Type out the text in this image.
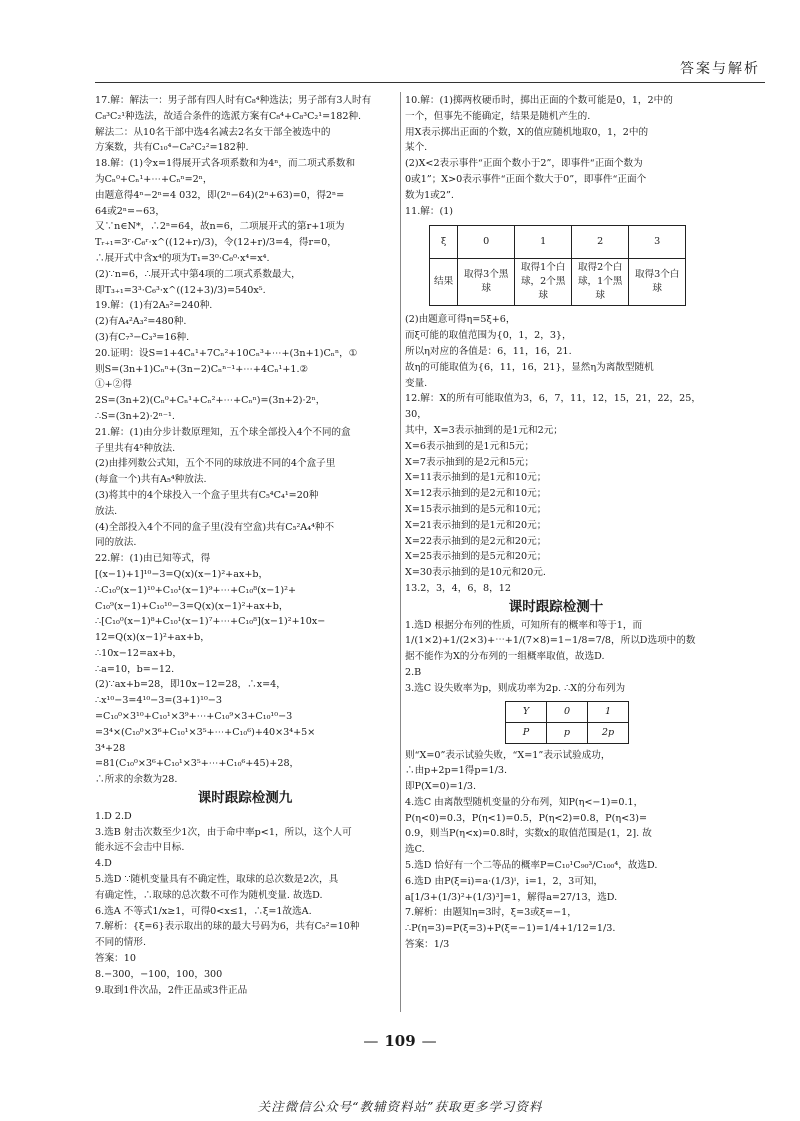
答案与解析
17.解：解法一：男子部有四人时有C₈⁴种选法；男子部有3人时有
C₈³C₂¹种选法，故适合条件的选派方案有C₈⁴+C₈³C₂¹=182种.
解法二：从10名干部中选4名减去2名女干部全被选中的
方案数，共有C₁₀⁴−C₈²C₂²=182种.
18.解：(1)令x=1得展开式各项系数和为4ⁿ，而二项式系数和
为Cₙ⁰+Cₙ¹+⋯+Cₙⁿ=2ⁿ，
由题意得4ⁿ−2ⁿ=4 032，即(2ⁿ−64)(2ⁿ+63)=0，得2ⁿ=
64或2ⁿ=−63，
又∵n∈N*，∴2ⁿ=64，故n=6，二项展开式的第r+1项为
Tᵣ₊₁=3ʳ·C₆ʳ·x^((12+r)/3)，令(12+r)/3=4，得r=0，
∴展开式中含x⁴的项为T₁=3⁰·C₆⁰·x⁴=x⁴.
(2)∵n=6，∴展开式中第4项的二项式系数最大，
即T₃₊₁=3³·C₆³·x^((12+3)/3)=540x⁵.
19.解：(1)有2A₅²=240种.
(2)有A₄²A₃²=480种.
(3)有C₇³−C₃³=16种.
20.证明：设S=1+4Cₙ¹+7Cₙ²+10Cₙ³+⋯+(3n+1)Cₙⁿ，①
则S=(3n+1)Cₙⁿ+(3n−2)Cₙⁿ⁻¹+⋯+4Cₙ¹+1.②
①+②得
2S=(3n+2)(Cₙ⁰+Cₙ¹+Cₙ²+⋯+Cₙⁿ)=(3n+2)·2ⁿ，
∴S=(3n+2)·2ⁿ⁻¹.
21.解：(1)由分步计数原理知，五个球全部投入4个不同的盒
子里共有4⁵种放法.
(2)由排列数公式知，五个不同的球放进不同的4个盒子里
(每盒一个)共有A₅⁴种放法.
(3)将其中的4个球投入一个盒子里共有C₅⁴C₄¹=20种
放法.
(4)全部投入4个不同的盒子里(没有空盒)共有C₅²A₄⁴种不
同的放法.
22.解：(1)由已知等式，得
[(x−1)+1]¹⁰−3=Q(x)(x−1)²+ax+b，
∴C₁₀⁰(x−1)¹⁰+C₁₀¹(x−1)⁹+⋯+C₁₀⁸(x−1)²+
C₁₀⁹(x−1)+C₁₀¹⁰−3=Q(x)(x−1)²+ax+b，
∴[C₁₀⁰(x−1)⁸+C₁₀¹(x−1)⁷+⋯+C₁₀⁸](x−1)²+10x−
12=Q(x)(x−1)²+ax+b，
∴10x−12=ax+b，
∴a=10，b=−12.
(2)∵ax+b=28，即10x−12=28，∴x=4，
∴x¹⁰−3=4¹⁰−3=(3+1)¹⁰−3
=C₁₀⁰×3¹⁰+C₁₀¹×3⁹+⋯+C₁₀⁹×3+C₁₀¹⁰−3
=3⁴×(C₁₀⁰×3⁶+C₁₀¹×3⁵+⋯+C₁₀⁶)+40×3⁴+5×
3⁴+28
=81(C₁₀⁰×3⁶+C₁₀¹×3⁵+⋯+C₁₀⁶+45)+28，
∴所求的余数为28.
课时跟踪检测九
1.D 2.D
3.选B 射击次数至少1次，由于命中率p<1，所以，这个人可
能永远不会击中目标.
4.D
5.选D ∵随机变量具有不确定性，取球的总次数是2次，具
有确定性，∴取球的总次数不可作为随机变量. 故选D.
6.选A 不等式1/x≥1，可得0<x≤1，∴ξ=1故选A.
7.解析：{ξ=6}表示取出的球的最大号码为6，共有C₅²=10种
不同的情形.
答案：10
8.−300，−100，100，300
9.取到1件次品，2件正品或3件正品
10.解：(1)掷两枚硬币时，掷出正面的个数可能是0，1，2中的
一个，但事先不能确定，结果是随机产生的.
用X表示掷出正面的个数，X的值应随机地取0，1，2中的
某个.
(2)X<2表示事件“正面个数小于2”，即事件“正面个数为
0或1”；X>0表示事件“正面个数大于0”，即事件“正面个
数为1或2”.
11.解：(1)
ξ	0	1	2	3
结果	取得3个黑球	取得1个白球，2个黑球	取得2个白球，1个黑球	取得3个白球
(2)由题意可得η=5ξ+6，
而ξ可能的取值范围为{0，1，2，3}，
所以η对应的各值是：6，11，16，21.
故η的可能取值为{6，11，16，21}，显然η为离散型随机
变量.
12.解：X的所有可能取值为3，6，7，11，12，15，21，22，25，30，
其中，X=3表示抽到的是1元和2元；
X=6表示抽到的是1元和5元；
X=7表示抽到的是2元和5元；
X=11表示抽到的是1元和10元；
X=12表示抽到的是2元和10元；
X=15表示抽到的是5元和10元；
X=21表示抽到的是1元和20元；
X=22表示抽到的是2元和20元；
X=25表示抽到的是5元和20元；
X=30表示抽到的是10元和20元.
13.2，3，4，6，8，12
课时跟踪检测十
1.选D 根据分布列的性质，可知所有的概率和等于1，而
1/(1×2)+1/(2×3)+⋯+1/(7×8)=1−1/8=7/8，所以D选项中的数
据不能作为X的分布列的一组概率取值，故选D.
2.B
3.选C 设失败率为p，则成功率为2p. ∴X的分布列为
Y	0	1
P	p	2p
则“X=0”表示试验失败，“X=1”表示试验成功，
∴由p+2p=1得p=1/3.
即P(X=0)=1/3.
4.选C 由离散型随机变量的分布列，知P(η<−1)=0.1，
P(η<0)=0.3，P(η<1)=0.5，P(η<2)=0.8，P(η<3)=
0.9，则当P(η<x)=0.8时，实数x的取值范围是(1，2]. 故
选C.
5.选D 恰好有一个二等品的概率P=C₁₀¹C₉₀³/C₁₀₀⁴，故选D.
6.选D 由P(ξ=i)=a·(1/3)ⁱ，i=1，2，3可知，
a[1/3+(1/3)²+(1/3)³]=1，解得a=27/13，选D.
7.解析：由题知η=3时，ξ=3或ξ=−1，
∴P(η=3)=P(ξ=3)+P(ξ=−1)=1/4+1/12=1/3.
答案：1/3
— 109 —
关注微信公众号“教辅资料站”获取更多学习资料
